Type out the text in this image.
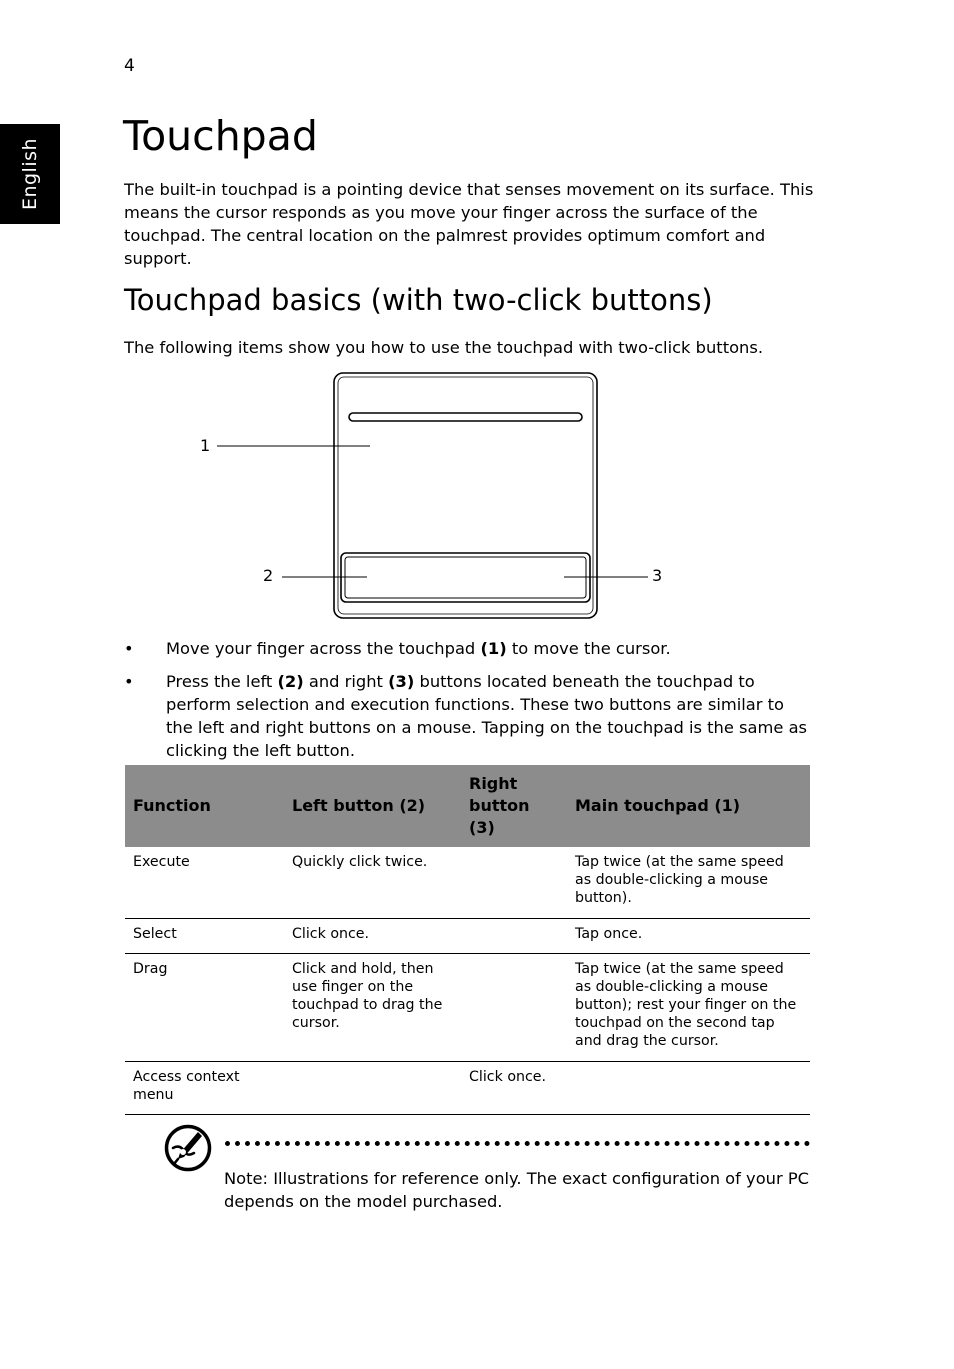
4
English
Touchpad

The built-in touchpad is a pointing device that senses movement on its surface. This means the cursor responds as you move your finger across the surface of the touchpad. The central location on the palmrest provides optimum comfort and support.

Touchpad basics (with two-click buttons)

The following items show you how to use the touchpad with two-click buttons.

1
2	3
• Move your finger across the touchpad (1) to move the cursor.
• Press the left (2) and right (3) buttons located beneath the touchpad to perform selection and execution functions. These two buttons are similar to the left and right buttons on a mouse. Tapping on the touchpad is the same as clicking the left button.
Function	Left button (2)	Right button (3)	Main touchpad (1)
Execute	Quickly click twice.		Tap twice (at the same speed as double-clicking a mouse button).
Select	Click once.		Tap once.
Drag	Click and hold, then use finger on the touchpad to drag the cursor.		Tap twice (at the same speed as double-clicking a mouse button); rest your finger on the touchpad on the second tap and drag the cursor.
Access context menu		Click once.	

Note: Illustrations for reference only. The exact configuration of your PC depends on the model purchased.
